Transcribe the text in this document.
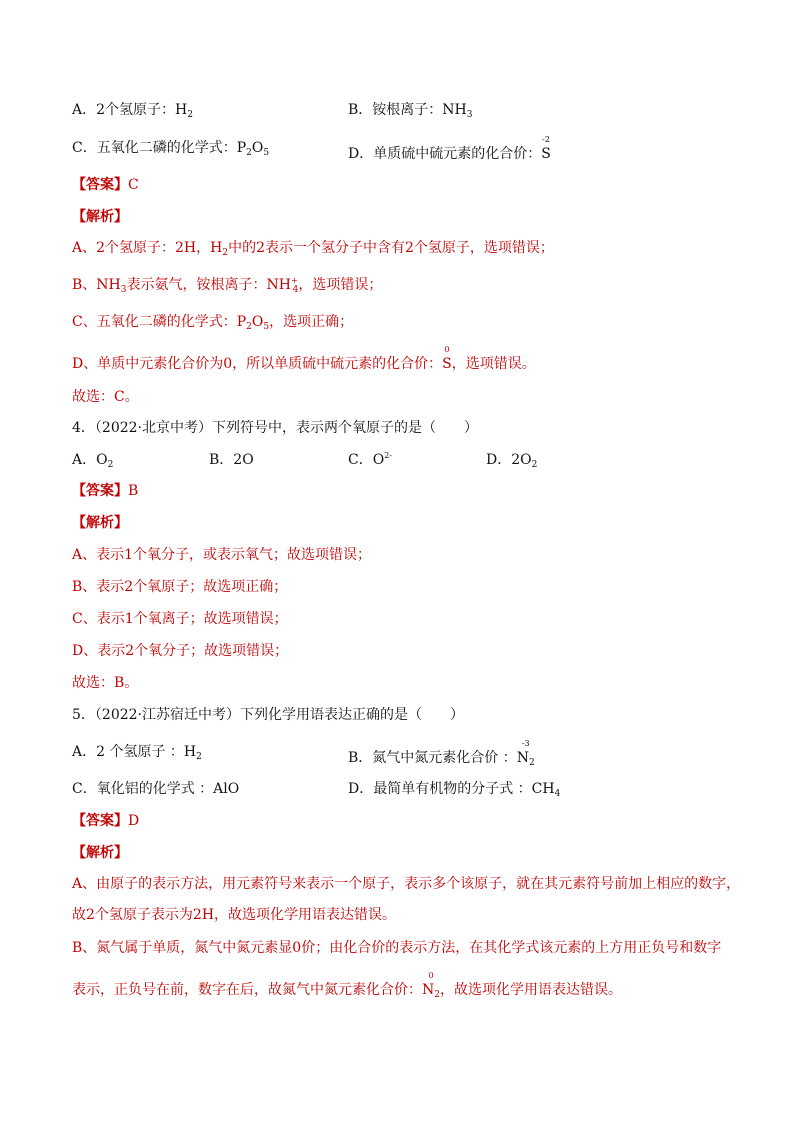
A．2个氢原子：$H_2$	B．铵根离子：$NH_3$
C．五氧化二磷的化学式：$P_2O_5$	D．单质硫中硫元素的化合价：
-2
S
【答案】C
【解析】
A、2个氢原子：2H，$H_2$中的2表示一个氢分子中含有2个氢原子，选项错误；
B、$NH_3$表示氨气，铵根离子：$NH^+_4$，选项错误；
C、五氧化二磷的化学式：$P_2O_5$，选项正确；
D、单质中元素化合价为0，所以单质硫中硫元素的化合价：
0
S，选项错误。
故选：C。
4．（2022·北京中考）下列符号中，表示两个氧原子的是（　　）
A．$O_2$	B．2O	C．$O^{2-}$	D．$2O_2$
【答案】B
【解析】
A、表示1个氧分子，或表示氧气；故选项错误；
B、表示2个氧原子；故选项正确；
C、表示1个氧离子；故选项错误；
D、表示2个氧分子；故选项错误；
故选：B。
5．（2022·江苏宿迁中考）下列化学用语表达正确的是（　　）
A．2 个氢原子 ：$H_2$	B．氮气中氮元素化合价 ：
-3
$N_2$
C．氧化铝的化学式 ：AlO	D．最简单有机物的分子式 ：$CH_4$
【答案】D
【解析】
A、由原子的表示方法，用元素符号来表示一个原子，表示多个该原子，就在其元素符号前加上相应的数字，
故2个氢原子表示为2H，故选项化学用语表达错误。
B、氮气属于单质，氮气中氮元素显0价；由化合价的表示方法，在其化学式该元素的上方用正负号和数字
表示，正负号在前，数字在后，故氮气中氮元素化合价：
0
$N_2$，故选项化学用语表达错误。
